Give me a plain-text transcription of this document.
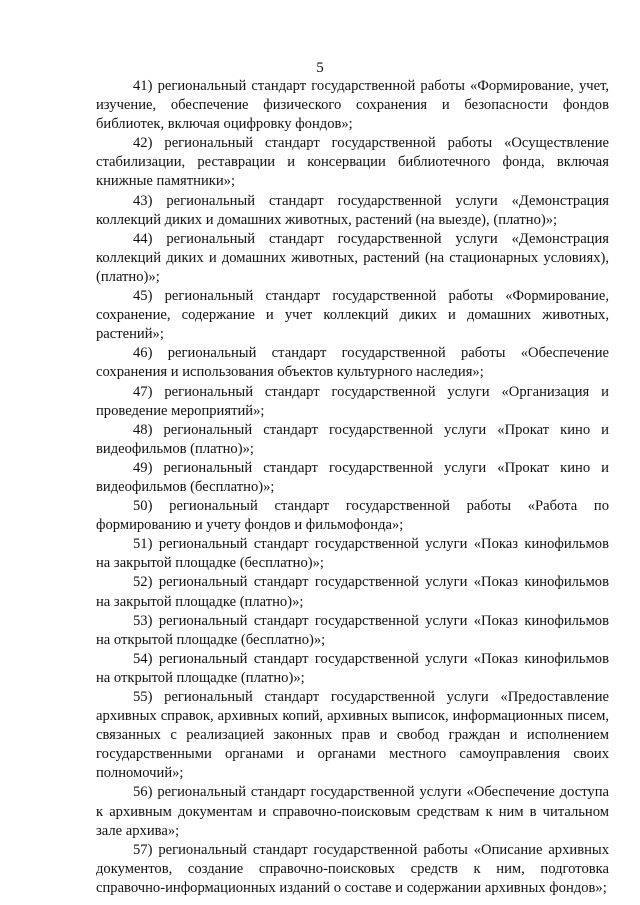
5

41) региональный стандарт государственной работы «Формирование, учет, изучение, обеспечение физического сохранения и безопасности фондов библиотек, включая оцифровку фондов»;

42) региональный стандарт государственной работы «Осуществление стабилизации, реставрации и консервации библиотечного фонда, включая книжные памятники»;

43) региональный стандарт государственной услуги «Демонстрация коллекций диких и домашних животных, растений (на выезде), (платно)»;

44) региональный стандарт государственной услуги «Демонстрация коллекций диких и домашних животных, растений (на стационарных условиях), (платно)»;

45) региональный стандарт государственной работы «Формирование, сохранение, содержание и учет коллекций диких и домашних животных, растений»;

46) региональный стандарт государственной работы «Обеспечение сохранения и использования объектов культурного наследия»;

47) региональный стандарт государственной услуги «Организация и проведение мероприятий»;

48) региональный стандарт государственной услуги «Прокат кино и видеофильмов (платно)»;

49) региональный стандарт государственной услуги «Прокат кино и видеофильмов (бесплатно)»;

50) региональный стандарт государственной работы «Работа по формированию и учету фондов и фильмофонда»;

51) региональный стандарт государственной услуги «Показ кинофильмов на закрытой площадке (бесплатно)»;

52) региональный стандарт государственной услуги «Показ кинофильмов на закрытой площадке (платно)»;

53) региональный стандарт государственной услуги «Показ кинофильмов на открытой площадке (бесплатно)»;

54) региональный стандарт государственной услуги «Показ кинофильмов на открытой площадке (платно)»;

55) региональный стандарт государственной услуги «Предоставление архивных справок, архивных копий, архивных выписок, информационных писем, связанных с реализацией законных прав и свобод граждан и исполнением государственными органами и органами местного самоуправления своих полномочий»;

56) региональный стандарт государственной услуги «Обеспечение доступа к архивным документам и справочно-поисковым средствам к ним в читальном зале архива»;

57) региональный стандарт государственной работы «Описание архивных документов, создание справочно-поисковых средств к ним, подготовка справочно-информационных изданий о составе и содержании архивных фондов»;
